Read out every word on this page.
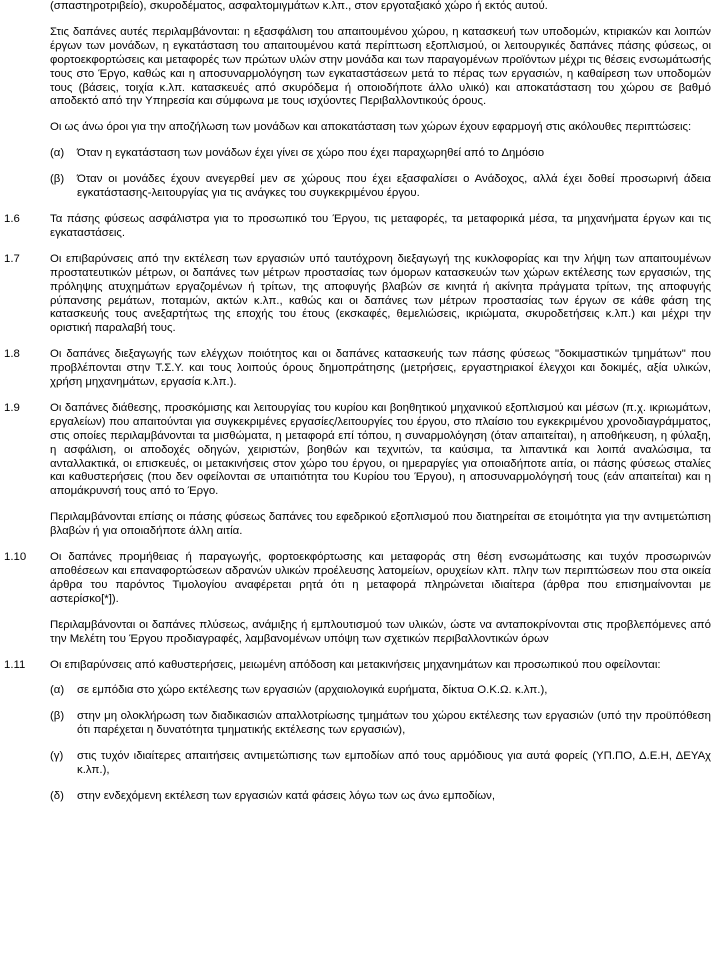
(σπαστηροτριβείο), σκυροδέματος, ασφαλτομιγμάτων κ.λπ., στον εργοταξιακό χώρο ή εκτός αυτού.

Στις δαπάνες αυτές περιλαμβάνονται: η εξασφάλιση του απαιτουμένου χώρου, η κατασκευή των υποδομών, κτιριακών και λοιπών έργων των μονάδων, η εγκατάσταση του απαιτουμένου κατά περίπτωση εξοπλισμού, οι λειτουργικές δαπάνες πάσης φύσεως, οι φορτοεκφορτώσεις και μεταφορές των πρώτων υλών στην μονάδα και των παραγομένων προϊόντων μέχρι τις θέσεις ενσωμάτωσής τους στο Έργο, καθώς και η αποσυναρμολόγηση των εγκαταστάσεων μετά το πέρας των εργασιών, η καθαίρεση των υποδομών τους (βάσεις, τοιχία κ.λπ. κατασκευές από σκυρόδεμα ή οποιοδήποτε άλλο υλικό) και αποκατάσταση του χώρου σε βαθμό αποδεκτό από την Υπηρεσία και σύμφωνα με τους ισχύοντες Περιβαλλοντικούς όρους.

Οι ως άνω όροι για την αποζήλωση των μονάδων και αποκατάσταση των χώρων έχουν εφαρμογή στις ακόλουθες περιπτώσεις:

(α)	Όταν η εγκατάσταση των μονάδων έχει γίνει σε χώρο που έχει παραχωρηθεί από το Δημόσιο
(β)	Όταν οι μονάδες έχουν ανεγερθεί μεν σε χώρους που έχει εξασφαλίσει ο Ανάδοχος, αλλά έχει δοθεί προσωρινή άδεια εγκατάστασης-λειτουργίας για τις ανάγκες του συγκεκριμένου έργου.
1.6	Τα πάσης φύσεως ασφάλιστρα για το προσωπικό του Έργου, τις μεταφορές, τα μεταφορικά μέσα, τα μηχανήματα έργων και τις εγκαταστάσεις.
1.7	Οι επιβαρύνσεις από την εκτέλεση των εργασιών υπό ταυτόχρονη διεξαγωγή της κυκλοφορίας και την λήψη των απαιτουμένων προστατευτικών μέτρων, οι δαπάνες των μέτρων προστασίας των όμορων κατασκευών των χώρων εκτέλεσης των εργασιών, της πρόληψης ατυχημάτων εργαζομένων ή τρίτων, της αποφυγής βλαβών σε κινητά ή ακίνητα πράγματα τρίτων, της αποφυγής ρύπανσης ρεμάτων, ποταμών, ακτών κ.λπ., καθώς και οι δαπάνες των μέτρων προστασίας των έργων σε κάθε φάση της κατασκευής τους ανεξαρτήτως της εποχής του έτους (εκσκαφές, θεμελιώσεις, ικριώματα, σκυροδετήσεις κ.λπ.) και μέχρι την οριστική παραλαβή τους.
1.8	Οι δαπάνες διεξαγωγής των ελέγχων ποιότητος και οι δαπάνες κατασκευής των πάσης φύσεως "δοκιμαστικών τμημάτων" που προβλέπονται στην Τ.Σ.Υ. και τους λοιπούς όρους δημοπράτησης (μετρήσεις, εργαστηριακοί έλεγχοι και δοκιμές, αξία υλικών, χρήση μηχανημάτων, εργασία κ.λπ.).
1.9	Οι δαπάνες διάθεσης, προσκόμισης και λειτουργίας του κυρίου και βοηθητικού μηχανικού εξοπλισμού και μέσων (π.χ. ικριωμάτων, εργαλείων) που απαιτούνται για συγκεκριμένες εργασίες/λειτουργίες του έργου, στο πλαίσιο του εγκεκριμένου χρονοδιαγράμματος, στις οποίες περιλαμβάνονται τα μισθώματα, η μεταφορά επί τόπου, η συναρμολόγηση (όταν απαιτείται), η αποθήκευση, η φύλαξη, η ασφάλιση, οι αποδοχές οδηγών, χειριστών, βοηθών και τεχνιτών, τα καύσιμα, τα λιπαντικά και λοιπά αναλώσιμα, τα ανταλλακτικά, οι επισκευές, οι μετακινήσεις στον χώρο του έργου, οι ημεραργίες για οποιαδήποτε αιτία, οι πάσης φύσεως σταλίες και καθυστερήσεις (που δεν οφείλονται σε υπαιτιότητα του Κυρίου του Έργου), η αποσυναρμολόγησή τους (εάν απαιτείται) και η απομάκρυνσή τους από το Έργο.

Περιλαμβάνονται επίσης οι πάσης φύσεως δαπάνες του εφεδρικού εξοπλισμού που διατηρείται σε ετοιμότητα για την αντιμετώπιση βλαβών ή για οποιαδήποτε άλλη αιτία.

1.10	Οι δαπάνες προμήθειας ή παραγωγής, φορτοεκφόρτωσης και μεταφοράς στη θέση ενσωμάτωσης και τυχόν προσωρινών αποθέσεων και επαναφορτώσεων αδρανών υλικών προέλευσης λατομείων, ορυχείων κλπ. πλην των περιπτώσεων που στα οικεία άρθρα του παρόντος Τιμολογίου αναφέρεται ρητά ότι η μεταφορά πληρώνεται ιδιαίτερα (άρθρα που επισημαίνονται με αστερίσκο[*]).

Περιλαμβάνονται οι δαπάνες πλύσεως, ανάμιξης ή εμπλουτισμού των υλικών, ώστε να ανταποκρίνονται στις προβλεπόμενες από την Μελέτη του Έργου προδιαγραφές, λαμβανομένων υπόψη των σχετικών περιβαλλοντικών όρων

1.11	Οι επιβαρύνσεις από καθυστερήσεις, μειωμένη απόδοση και μετακινήσεις μηχανημάτων και προσωπικού που οφείλονται:

(α)	σε εμπόδια στο χώρο εκτέλεσης των εργασιών (αρχαιολογικά ευρήματα, δίκτυα Ο.Κ.Ω. κ.λπ.),
(β)	στην μη ολοκλήρωση των διαδικασιών απαλλοτρίωσης τμημάτων του χώρου εκτέλεσης των εργασιών (υπό την προϋπόθεση ότι παρέχεται η δυνατότητα τμηματικής εκτέλεσης των εργασιών),
(γ)	στις τυχόν ιδιαίτερες απαιτήσεις αντιμετώπισης των εμποδίων από τους αρμόδιους για αυτά φορείς (ΥΠ.ΠΟ, Δ.Ε.Η, ΔΕΥΑχ κ.λπ.),
(δ)	στην ενδεχόμενη εκτέλεση των εργασιών κατά φάσεις λόγω των ως άνω εμποδίων,
